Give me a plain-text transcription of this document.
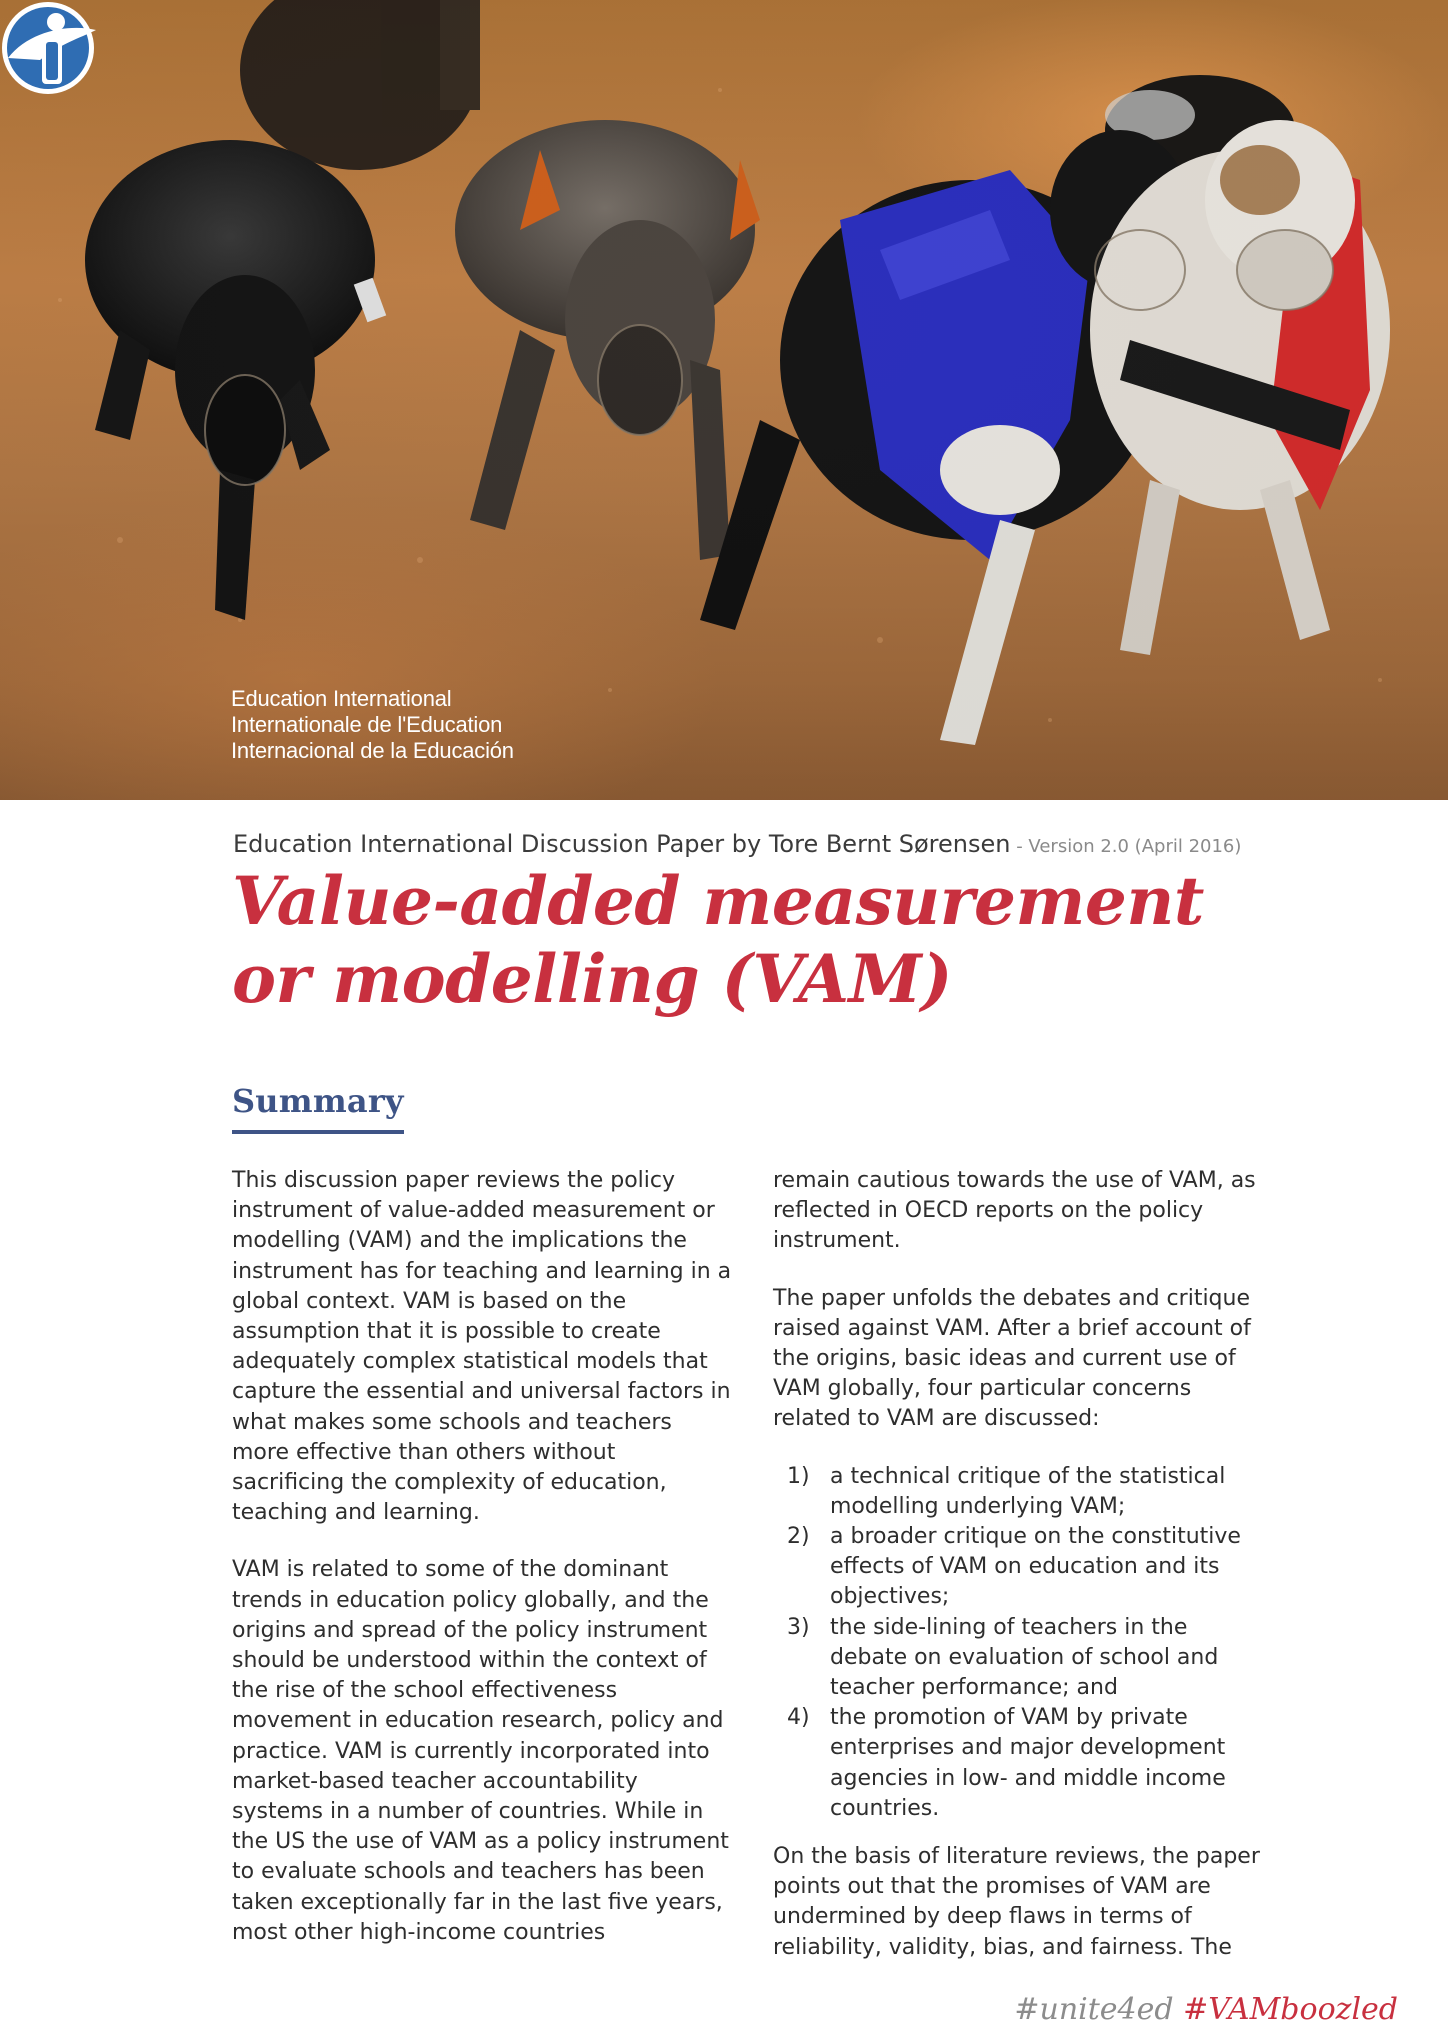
Education International
Internationale de l'Education
Internacional de la Educación
Education International Discussion Paper by Tore Bernt Sørensen - Version 2.0 (April 2016)
Value-added measurement
or modelling (VAM)
Summary

This discussion paper reviews the policy instrument of value-added measurement or modelling (VAM) and the implications the instrument has for teaching and learning in a global context. VAM is based on the assumption that it is possible to create adequately complex statistical models that capture the essential and universal factors in what makes some schools and teachers more effective than others without sacrificing the complexity of education, teaching and learning.

VAM is related to some of the dominant trends in education policy globally, and the origins and spread of the policy instrument should be understood within the context of the rise of the school effectiveness movement in education research, policy and practice. VAM is currently incorporated into market-based teacher accountability systems in a number of countries. While in the US the use of VAM as a policy instrument to evaluate schools and teachers has been taken exceptionally far in the last five years, most other high-income countries

remain cautious towards the use of VAM, as reflected in OECD reports on the policy instrument.

The paper unfolds the debates and critique raised against VAM. After a brief account of the origins, basic ideas and current use of VAM globally, four particular concerns related to VAM are discussed:

1) a technical critique of the statistical modelling underlying VAM;
2) a broader critique on the constitutive effects of VAM on education and its objectives;
3) the side-lining of teachers in the debate on evaluation of school and teacher performance; and
4) the promotion of VAM by private enterprises and major development agencies in low- and middle income countries.

On the basis of literature reviews, the paper points out that the promises of VAM are undermined by deep flaws in terms of reliability, validity, bias, and fairness. The

#unite4ed #VAMboozled
